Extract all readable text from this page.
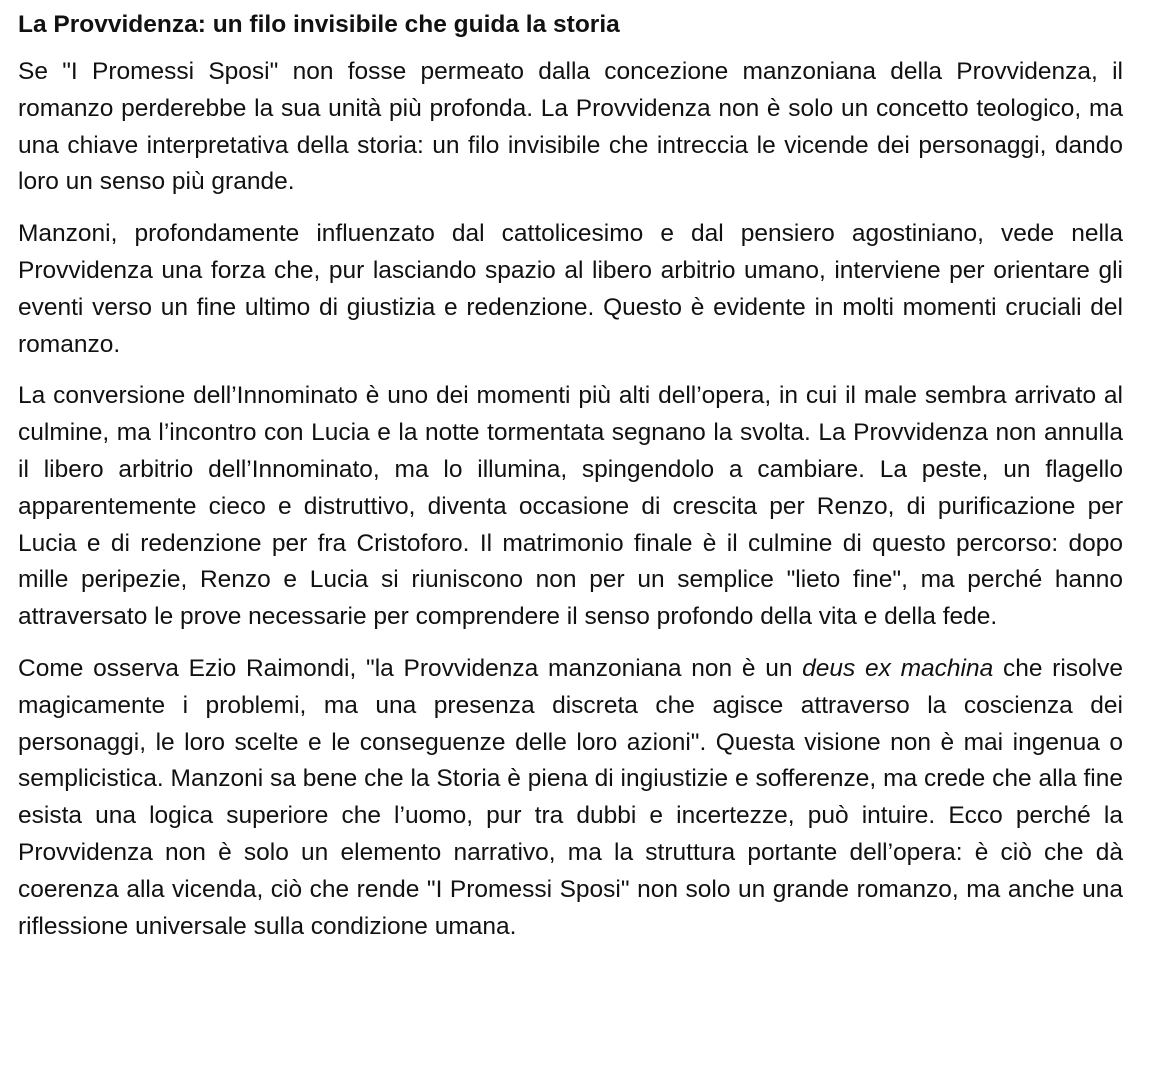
La Provvidenza: un filo invisibile che guida la storia

Se "I Promessi Sposi" non fosse permeato dalla concezione manzoniana della Provvidenza, il romanzo perderebbe la sua unità più profonda. La Provvidenza non è solo un concetto teologico, ma una chiave interpretativa della storia: un filo invisibile che intreccia le vicende dei personaggi, dando loro un senso più grande.

Manzoni, profondamente influenzato dal cattolicesimo e dal pensiero agostiniano, vede nella Provvidenza una forza che, pur lasciando spazio al libero arbitrio umano, interviene per orientare gli eventi verso un fine ultimo di giustizia e redenzione. Questo è evidente in molti momenti cruciali del romanzo.

La conversione dell’Innominato è uno dei momenti più alti dell’opera, in cui il male sembra arrivato al culmine, ma l’incontro con Lucia e la notte tormentata segnano la svolta. La Provvidenza non annulla il libero arbitrio dell’Innominato, ma lo illumina, spingendolo a cambiare. La peste, un flagello apparentemente cieco e distruttivo, diventa occasione di crescita per Renzo, di purificazione per Lucia e di redenzione per fra Cristoforo. Il matrimonio finale è il culmine di questo percorso: dopo mille peripezie, Renzo e Lucia si riuniscono non per un semplice "lieto fine", ma perché hanno attraversato le prove necessarie per comprendere il senso profondo della vita e della fede.

Come osserva Ezio Raimondi, "la Provvidenza manzoniana non è un deus ex machina che risolve magicamente i problemi, ma una presenza discreta che agisce attraverso la coscienza dei personaggi, le loro scelte e le conseguenze delle loro azioni". Questa visione non è mai ingenua o semplicistica. Manzoni sa bene che la Storia è piena di ingiustizie e sofferenze, ma crede che alla fine esista una logica superiore che l’uomo, pur tra dubbi e incertezze, può intuire. Ecco perché la Provvidenza non è solo un elemento narrativo, ma la struttura portante dell’opera: è ciò che dà coerenza alla vicenda, ciò che rende "I Promessi Sposi" non solo un grande romanzo, ma anche una riflessione universale sulla condizione umana.
